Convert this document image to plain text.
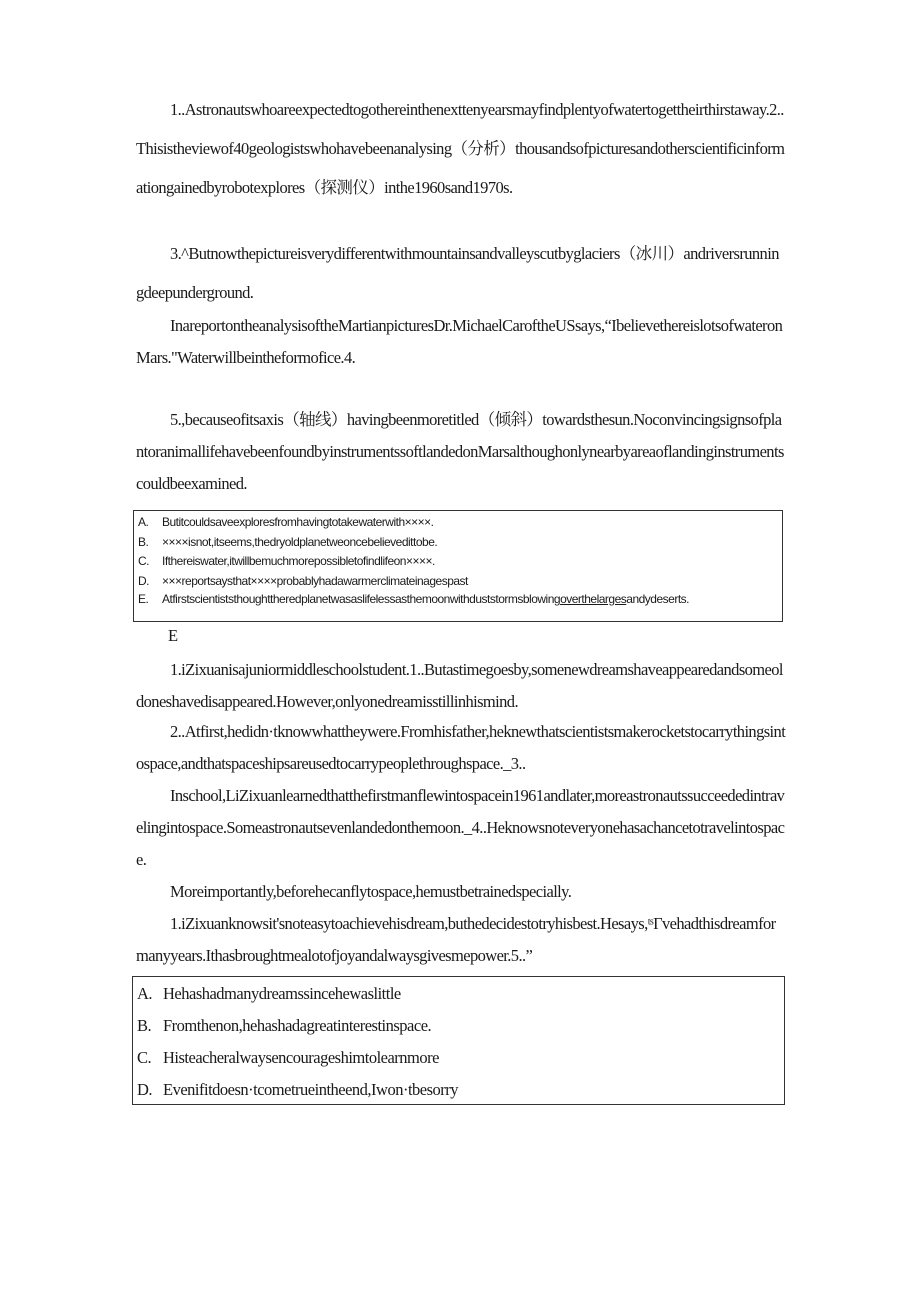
1..Astronautswhoareexpectedtogothereinthenexttenyearsmayfindplentyofwatertogettheirthirstaway.2..Thisistheviewof40geologistswhohavebeenanalysing（分析）thousandsofpicturesandotherscientificinformationgainedbyrobotexplores（探测仪）inthe1960sand1970s.

3.^Butnowthepictureisverydifferentwithmountainsandvalleyscutbyglaciers（冰川）andriversrunningdeepunderground.

InareportontheanalysisoftheMartianpicturesDr.MichaelCaroftheUSsays,“IbelievethereislotsofwateronMars."Waterwillbeintheformofice.4.

5.,becauseofitsaxis（轴线）havingbeenmoretitled（倾斜）towardsthesun.NoconvincingsignsofplantoranimallifehavebeenfoundbyinstrumentssoftlandedonMarsalthoughonlynearbyareaoflandinginstrumentscouldbeexamined.

A. Butitcouldsaveexploresfromhavingtotakewaterwith××××.

B. ××××isnot,itseems,thedryoldplanetweoncebelievedittobe.

C. Ifthereiswater,itwillbemuchmorepossibletofindlifeon××××.

D. ×××reportsaysthat××××probablyhadawarmerclimateinagespast

E. Atfirstscientiststhoughttheredplanetwasaslifelessasthemoonwithduststormsblowingoverthelargesandydeserts.

E

1.iZixuanisajuniormiddleschoolstudent.1..Butastimegoesby,somenewdreamshaveappearedandsomeoldoneshavedisappeared.However,onlyonedreamisstillinhismind.

2..Atfirst,hedidn·tknowwhattheywere.Fromhisfather,heknewthatscientistsmakerocketstocarrythingsintospace,andthatspaceshipsareusedtocarrypeoplethroughspace._3..

Inschool,LiZixuanlearnedthatthefirstmanflewintospacein1961andlater,moreastronautssucceededintravelingintospace.Someastronautsevenlandedonthemoon._4..Heknowsnoteveryonehasachancetotravelintospace.

Moreimportantly,beforehecanflytospace,hemustbetrainedspecially.

1.iZixuanknowsit'snoteasytoachievehisdream,buthedecidestotryhisbest.Hesays,ᵗˢΓvehadthisdreamformanyyears.Ithasbroughtmealotofjoyandalwaysgivesmepower.5..”

A. Hehashadmanydreamssincehewaslittle

B. Fromthenon,hehashadagreatinterestinspace.

C. Histeacheralwaysencourageshimtolearnmore

D. Evenifitdoesn·tcometrueintheend,Iwon·tbesorry
